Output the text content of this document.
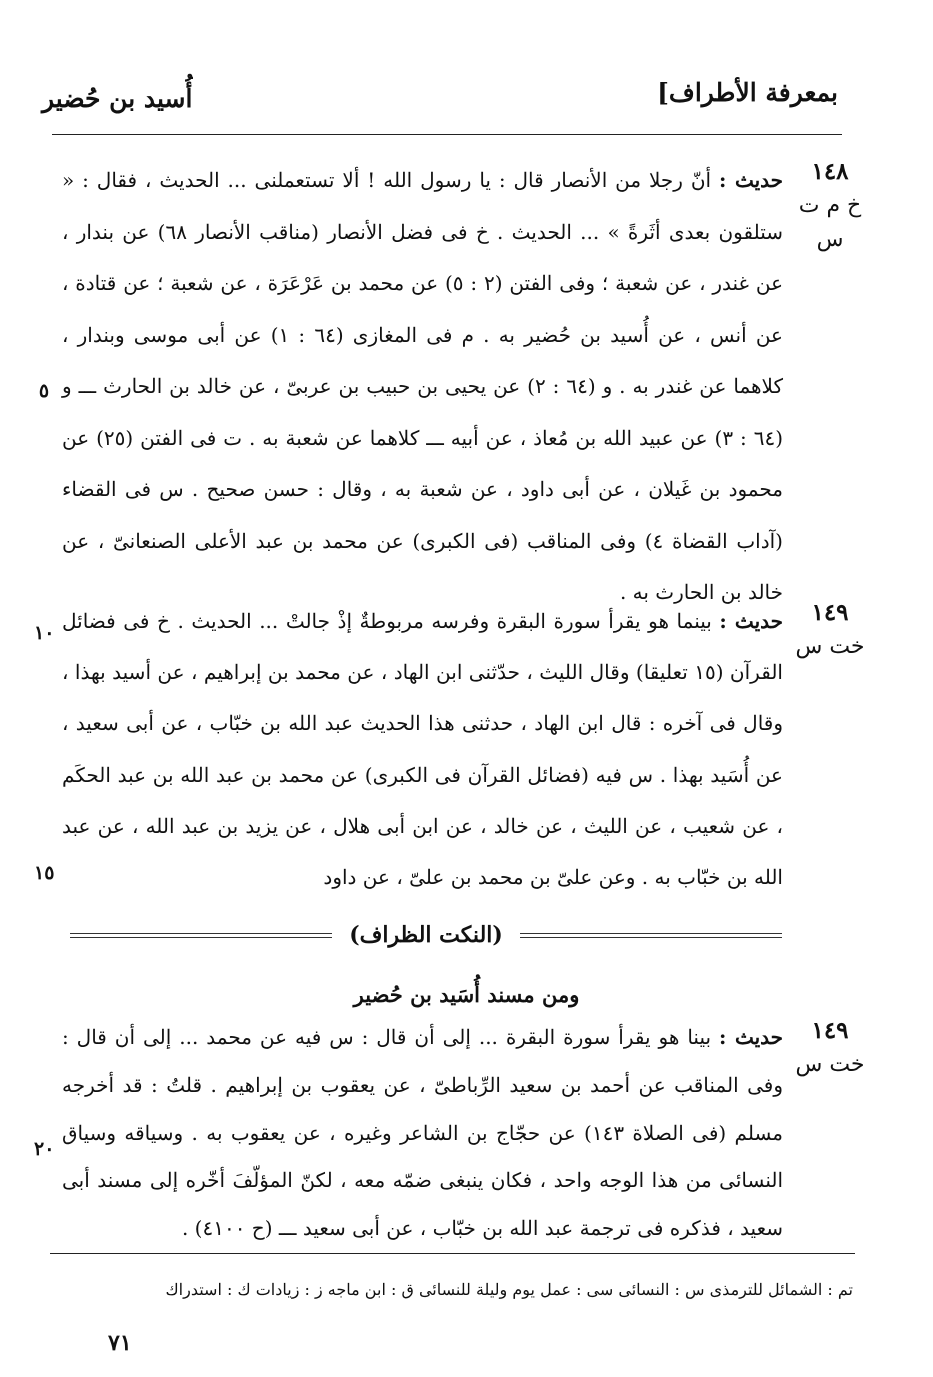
بمعرفة الأطراف]
أُسيد بن حُضير
١٤٨
خ م ت س
حديث : أنّ رجلا من الأنصار قال : يا رسول الله ! ألا تستعملنى ... الحديث ، فقال : « ستلقون بعدى أثَرةً » ... الحديث . خ فى فضل الأنصار (مناقب الأنصار ٦٨) عن بندار ، عن غندر ، عن شعبة ؛ وفى الفتن (٢ : ٥) عن محمد بن عَرْعَرَة ، عن شعبة ؛ عن قتادة ، عن أنس ، عن أُسيد بن حُضير به . م فى المغازى (٦٤ : ١) عن أبى موسى وبندار ، كلاهما عن غندر به . و (٦٤ : ٢) عن يحيى بن حبيب بن عربىّ ، عن خالد بن الحارث ـــ و (٦٤ : ٣) عن عبيد الله بن مُعاذ ، عن أبيه ـــ كلاهما عن شعبة به . ت فى الفتن (٢٥) عن محمود بن غَيلان ، عن أبى داود ، عن شعبة به ، وقال : حسن صحيح . س فى القضاء (آداب القضاة ٤) وفى المناقب (فى الكبرى) عن محمد بن عبد الأعلى الصنعانىّ ، عن خالد بن الحارث به .
١٤٩
خت س
حديث : بينما هو يقرأ سورة البقرة وفرسه مربوطةٌ إذْ جالتْ ... الحديث . خ فى فضائل القرآن (١٥ تعليقا) وقال الليث ، حدّثنى ابن الهاد ، عن محمد بن إبراهيم ، عن أسيد بهذا ، وقال فى آخره : قال ابن الهاد ، حدثنى هذا الحديث عبد الله بن خبّاب ، عن أبى سعيد ، عن أُسَيد بهذا . س فيه (فضائل القرآن فى الكبرى) عن محمد بن عبد الله بن عبد الحكَم ، عن شعيب ، عن الليث ، عن خالد ، عن ابن أبى هلال ، عن يزيد بن عبد الله ، عن عبد الله بن خبّاب به . وعن علىّ بن محمد بن علىّ ، عن داود
٥
١٠
١٥
٢٠
(النكت الظراف)
ومن مسند أُسَيد بن حُضير
١٤٩
خت س
حديث : بينا هو يقرأ سورة البقرة ... إلى أن قال : س فيه عن محمد ... إلى أن قال : وفى المناقب عن أحمد بن سعيد الرِّباطىّ ، عن يعقوب بن إبراهيم . قلتُ : قد أخرجه مسلم (فى الصلاة ١٤٣) عن حجّاج بن الشاعر وغيره ، عن يعقوب به . وسياقه وسياق النسائى من هذا الوجه واحد ، فكان ينبغى ضمّه معه ، لكنّ المؤلّفَ أخّره إلى مسند أبى سعيد ، فذكره فى ترجمة عبد الله بن خبّاب ، عن أبى سعيد ـــ (ح ٤١٠٠) .
تم : الشمائل للترمذى س : النسائى سى : عمل يوم وليلة للنسائى ق : ابن ماجه ز : زيادات ك : استدراك
٧١
